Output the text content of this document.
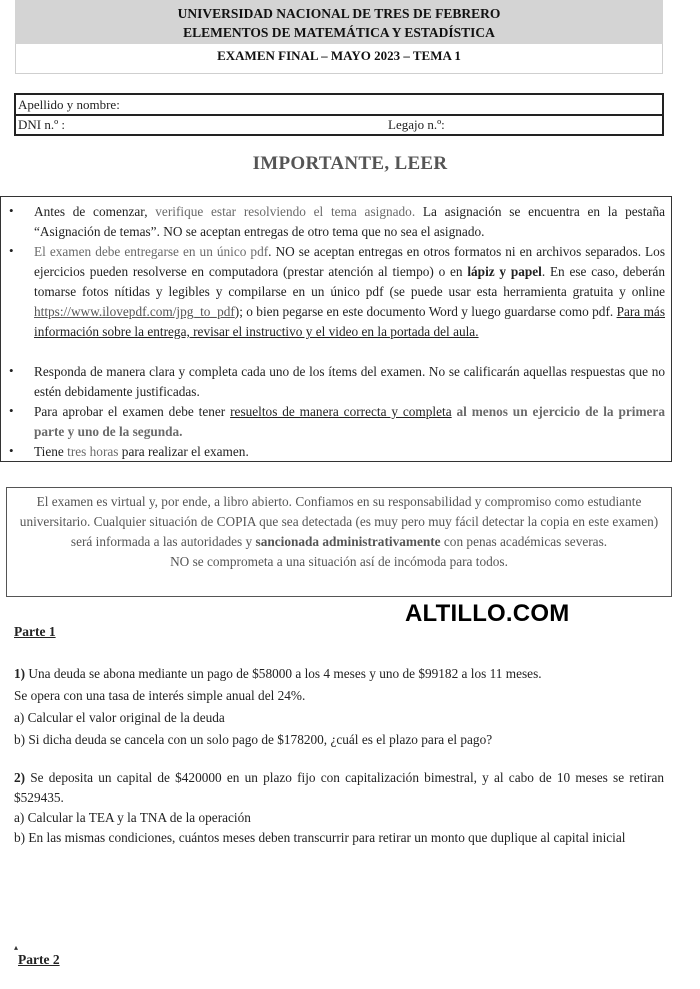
UNIVERSIDAD NACIONAL DE TRES DE FEBRERO
ELEMENTOS DE MATEMÁTICA Y ESTADÍSTICA
EXAMEN FINAL – MAYO 2023 – TEMA 1
Apellido y nombre:
DNI n.º :	Legajo n.º:
IMPORTANTE, LEER
• Antes de comenzar, verifique estar resolviendo el tema asignado. La asignación se encuentra en la pestaña “Asignación de temas”. NO se aceptan entregas de otro tema que no sea el asignado.
• El examen debe entregarse en un único pdf. NO se aceptan entregas en otros formatos ni en archivos separados. Los ejercicios pueden resolverse en computadora (prestar atención al tiempo) o en lápiz y papel. En ese caso, deberán tomarse fotos nítidas y legibles y compilarse en un único pdf (se puede usar esta herramienta gratuita y online https://www.ilovepdf.com/jpg_to_pdf); o bien pegarse en este documento Word y luego guardarse como pdf. Para más información sobre la entrega, revisar el instructivo y el video en la portada del aula.
• Responda de manera clara y completa cada uno de los ítems del examen. No se calificarán aquellas respuestas que no estén debidamente justificadas.
• Para aprobar el examen debe tener resueltos de manera correcta y completa al menos un ejercicio de la primera parte y uno de la segunda.
• Tiene tres horas para realizar el examen.

El examen es virtual y, por ende, a libro abierto. Confiamos en su responsabilidad y compromiso como estudiante universitario. Cualquier situación de COPIA que sea detectada (es muy pero muy fácil detectar la copia en este examen) será informada a las autoridades y sancionada administrativamente con penas académicas severas.

NO se comprometa a una situación así de incómoda para todos.

ALTILLO.COM
Parte 1
1) Una deuda se abona mediante un pago de $58000 a los 4 meses y uno de $99182 a los 11 meses.
Se opera con una tasa de interés simple anual del 24%.
a) Calcular el valor original de la deuda
b) Si dicha deuda se cancela con un solo pago de $178200, ¿cuál es el plazo para el pago?
2) Se deposita un capital de $420000 en un plazo fijo con capitalización bimestral, y al cabo de 10 meses se retiran $529435.
a) Calcular la TEA y la TNA de la operación
b) En las mismas condiciones, cuántos meses deben transcurrir para retirar un monto que duplique al capital inicial
▴
Parte 2
